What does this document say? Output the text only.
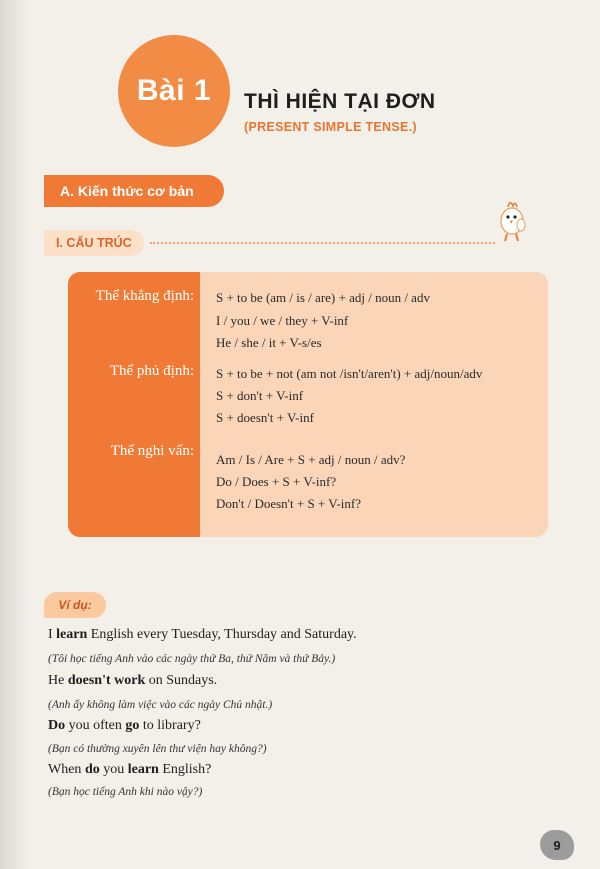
Bài 1 THÌ HIỆN TẠI ĐƠN
(PRESENT SIMPLE TENSE.)
A. Kiến thức cơ bản
I. CẤU TRÚC
Thể khẳng định: S + to be (am / is / are) + adj / noun / adv
I / you / we / they + V-inf
He / she / it + V-s/es
Thể phủ định: S + to be + not (am not /isn't/aren't) + adj/noun/adv
S + don't + V-inf
S + doesn't + V-inf
Thể nghi vấn:
Am / Is / Are + S + adj / noun / adv?
Do / Does + S + V-inf?
Don't / Doesn't + S + V-inf?
Ví dụ:
I learn English every Tuesday, Thursday and Saturday.
(Tôi học tiếng Anh vào các ngày thứ Ba, thứ Năm và thứ Bảy.)
He doesn't work on Sundays.
(Anh ấy không làm việc vào các ngày Chủ nhật.)
Do you often go to library?
(Bạn có thường xuyên lên thư viện hay không?)
When do you learn English?
(Bạn học tiếng Anh khi nào vậy?)
9
